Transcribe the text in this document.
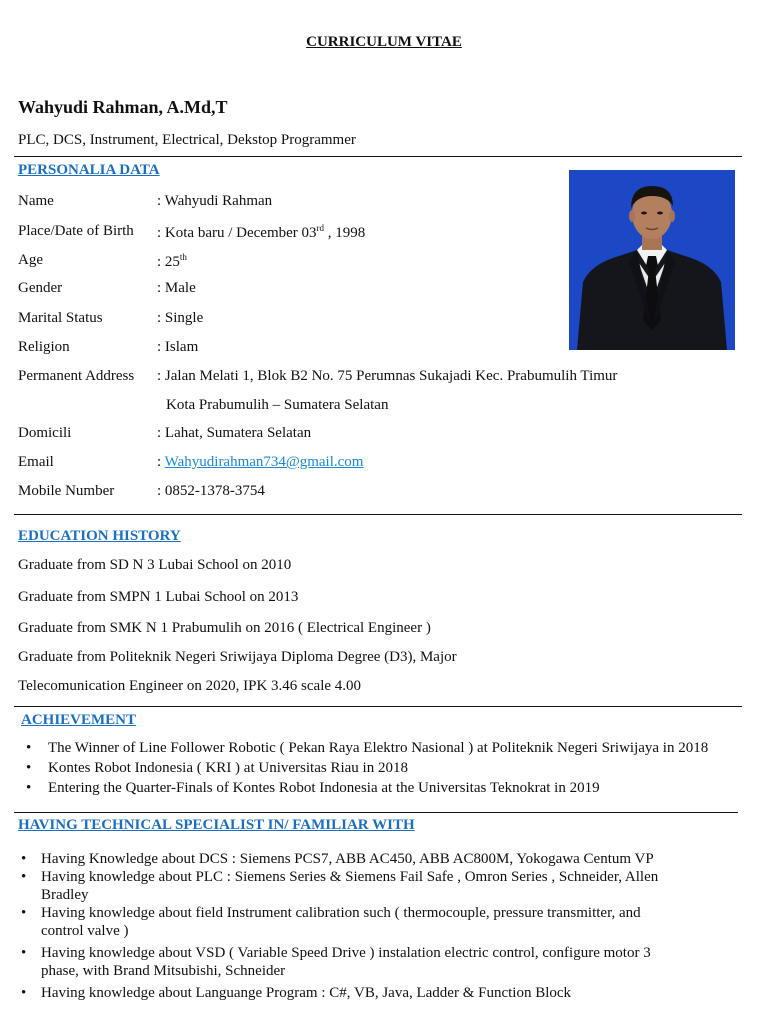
CURRICULUM VITAE
Wahyudi Rahman, A.Md,T
PLC, DCS, Instrument, Electrical, Dekstop Programmer
PERSONALIA DATA
Name	: Wahyudi Rahman
Place/Date of Birth : Kota baru / December 03rd , 1998
Age	: 25th
Gender	: Male
Marital Status	: Single
Religion	: Islam
Permanent Address : Jalan Melati 1, Blok B2 No. 75 Perumnas Sukajadi Kec. Prabumulih Timur
Kota Prabumulih – Sumatera Selatan
Domicili	: Lahat, Sumatera Selatan
Email	: Wahyudirahman734@gmail.com
Mobile Number	: 0852-1378-3754
EDUCATION HISTORY
Graduate from SD N 3 Lubai School on 2010
Graduate from SMPN 1 Lubai School on 2013
Graduate from SMK N 1 Prabumulih on 2016 ( Electrical Engineer )
Graduate from Politeknik Negeri Sriwijaya Diploma Degree (D3), Major
Telecomunication Engineer on 2020, IPK 3.46 scale 4.00
ACHIEVEMENT
• The Winner of Line Follower Robotic ( Pekan Raya Elektro Nasional ) at Politeknik Negeri Sriwijaya in 2018
• Kontes Robot Indonesia ( KRI ) at Universitas Riau in 2018
• Entering the Quarter-Finals of Kontes Robot Indonesia at the Universitas Teknokrat in 2019
HAVING TECHNICAL SPECIALIST IN/ FAMILIAR WITH
• Having Knowledge about DCS : Siemens PCS7, ABB AC450, ABB AC800M, Yokogawa Centum VP
• Having knowledge about PLC : Siemens Series & Siemens Fail Safe , Omron Series , Schneider, Allen Bradley
• Having knowledge about field Instrument calibration such ( thermocouple, pressure transmitter, and control valve )
• Having knowledge about VSD ( Variable Speed Drive ) instalation electric control, configure motor 3 phase, with Brand Mitsubishi, Schneider
• Having knowledge about Languange Program : C#, VB, Java, Ladder & Function Block
